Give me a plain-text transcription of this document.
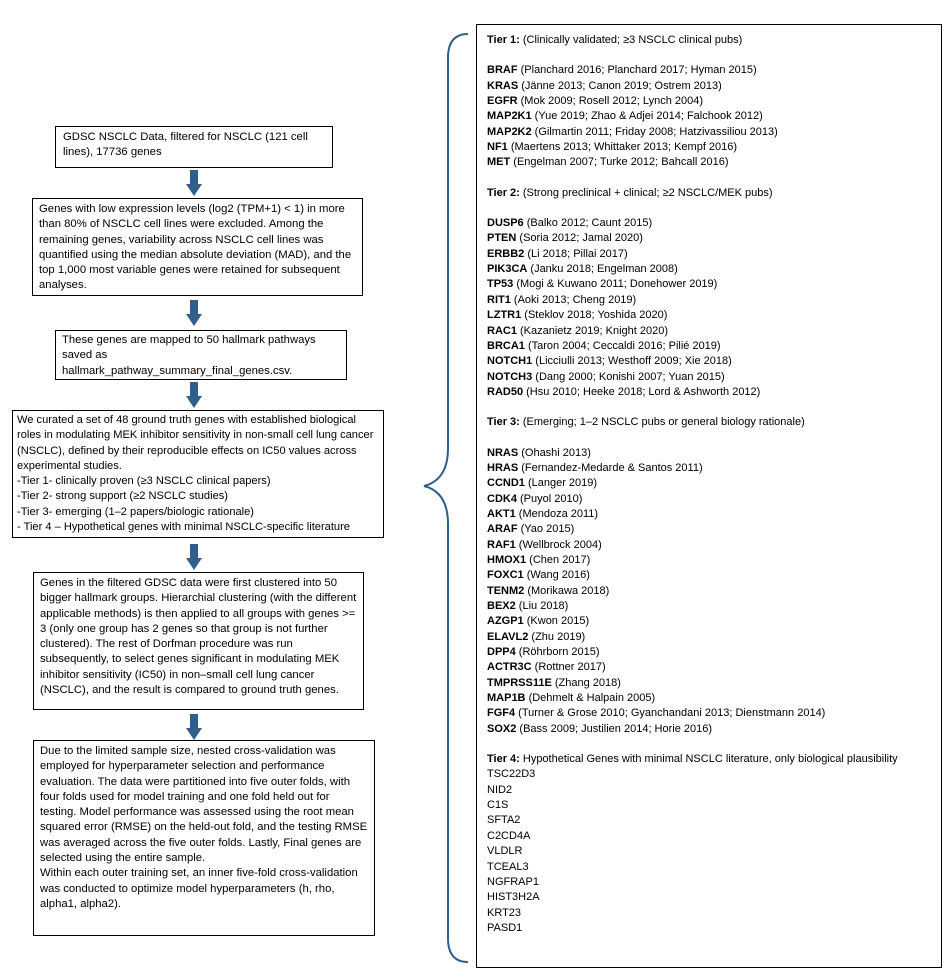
GDSC NSCLC Data, filtered for NSCLC (121 cell lines), 17736 genes

Genes with low expression levels (log2 (TPM+1) < 1) in more than 80% of NSCLC cell lines were excluded. Among the remaining genes, variability across NSCLC cell lines was quantified using the median absolute deviation (MAD), and the top 1,000 most variable genes were retained for subsequent analyses.

These genes are mapped to 50 hallmark pathways saved as hallmark_pathway_summary_final_genes.csv.

We curated a set of 48 ground truth genes with established biological roles in modulating MEK inhibitor sensitivity in non-small cell lung cancer (NSCLC), defined by their reproducible effects on IC50 values across experimental studies.

-Tier 1- clinically proven (≥3 NSCLC clinical papers)

-Tier 2- strong support (≥2 NSCLC studies)

-Tier 3- emerging (1–2 papers/biologic rationale)

- Tier 4 – Hypothetical genes with minimal NSCLC-specific literature

Genes in the filtered GDSC data were first clustered into 50 bigger hallmark groups. Hierarchial clustering (with the different applicable methods) is then applied to all groups with genes >= 3 (only one group has 2 genes so that group is not further clustered). The rest of Dorfman procedure was run subsequently, to select genes significant in modulating MEK inhibitor sensitivity (IC50) in non–small cell lung cancer (NSCLC), and the result is compared to ground truth genes.

Due to the limited sample size, nested cross-validation was employed for hyperparameter selection and performance evaluation. The data were partitioned into five outer folds, with four folds used for model training and one fold held out for testing. Model performance was assessed using the root mean squared error (RMSE) on the held-out fold, and the testing RMSE was averaged across the five outer folds. Lastly, Final genes are selected using the entire sample.

Within each outer training set, an inner five-fold cross-validation was conducted to optimize model hyperparameters (h, rho, alpha1, alpha2).

Tier 1: (Clinically validated; ≥3 NSCLC clinical pubs)

BRAF (Planchard 2016; Planchard 2017; Hyman 2015)

KRAS (Jänne 2013; Canon 2019; Ostrem 2013)

EGFR (Mok 2009; Rosell 2012; Lynch 2004)

MAP2K1 (Yue 2019; Zhao & Adjei 2014; Falchook 2012)

MAP2K2 (Gilmartin 2011; Friday 2008; Hatzivassiliou 2013)

NF1 (Maertens 2013; Whittaker 2013; Kempf 2016)

MET (Engelman 2007; Turke 2012; Bahcall 2016)

Tier 2: (Strong preclinical + clinical; ≥2 NSCLC/MEK pubs)

DUSP6 (Balko 2012; Caunt 2015)

PTEN (Soria 2012; Jamal 2020)

ERBB2 (Li 2018; Pillai 2017)

PIK3CA (Janku 2018; Engelman 2008)

TP53 (Mogi & Kuwano 2011; Donehower 2019)

RIT1 (Aoki 2013; Cheng 2019)

LZTR1 (Steklov 2018; Yoshida 2020)

RAC1 (Kazanietz 2019; Knight 2020)

BRCA1 (Taron 2004; Ceccaldi 2016; Pilié 2019)

NOTCH1 (Licciulli 2013; Westhoff 2009; Xie 2018)

NOTCH3 (Dang 2000; Konishi 2007; Yuan 2015)

RAD50 (Hsu 2010; Heeke 2018; Lord & Ashworth 2012)

Tier 3: (Emerging; 1–2 NSCLC pubs or general biology rationale)

NRAS (Ohashi 2013)

HRAS (Fernandez-Medarde & Santos 2011)

CCND1 (Langer 2019)

CDK4 (Puyol 2010)

AKT1 (Mendoza 2011)

ARAF (Yao 2015)

RAF1 (Wellbrock 2004)

HMOX1 (Chen 2017)

FOXC1 (Wang 2016)

TENM2 (Morikawa 2018)

BEX2 (Liu 2018)

AZGP1 (Kwon 2015)

ELAVL2 (Zhu 2019)

DPP4 (Röhrborn 2015)

ACTR3C (Rottner 2017)

TMPRSS11E (Zhang 2018)

MAP1B (Dehmelt & Halpain 2005)

FGF4 (Turner & Grose 2010; Gyanchandani 2013; Dienstmann 2014)

SOX2 (Bass 2009; Justilien 2014; Horie 2016)

Tier 4: Hypothetical Genes with minimal NSCLC literature, only biological plausibility

TSC22D3

NID2

C1S

SFTA2

C2CD4A

VLDLR

TCEAL3

NGFRAP1

HIST3H2A

KRT23

PASD1
